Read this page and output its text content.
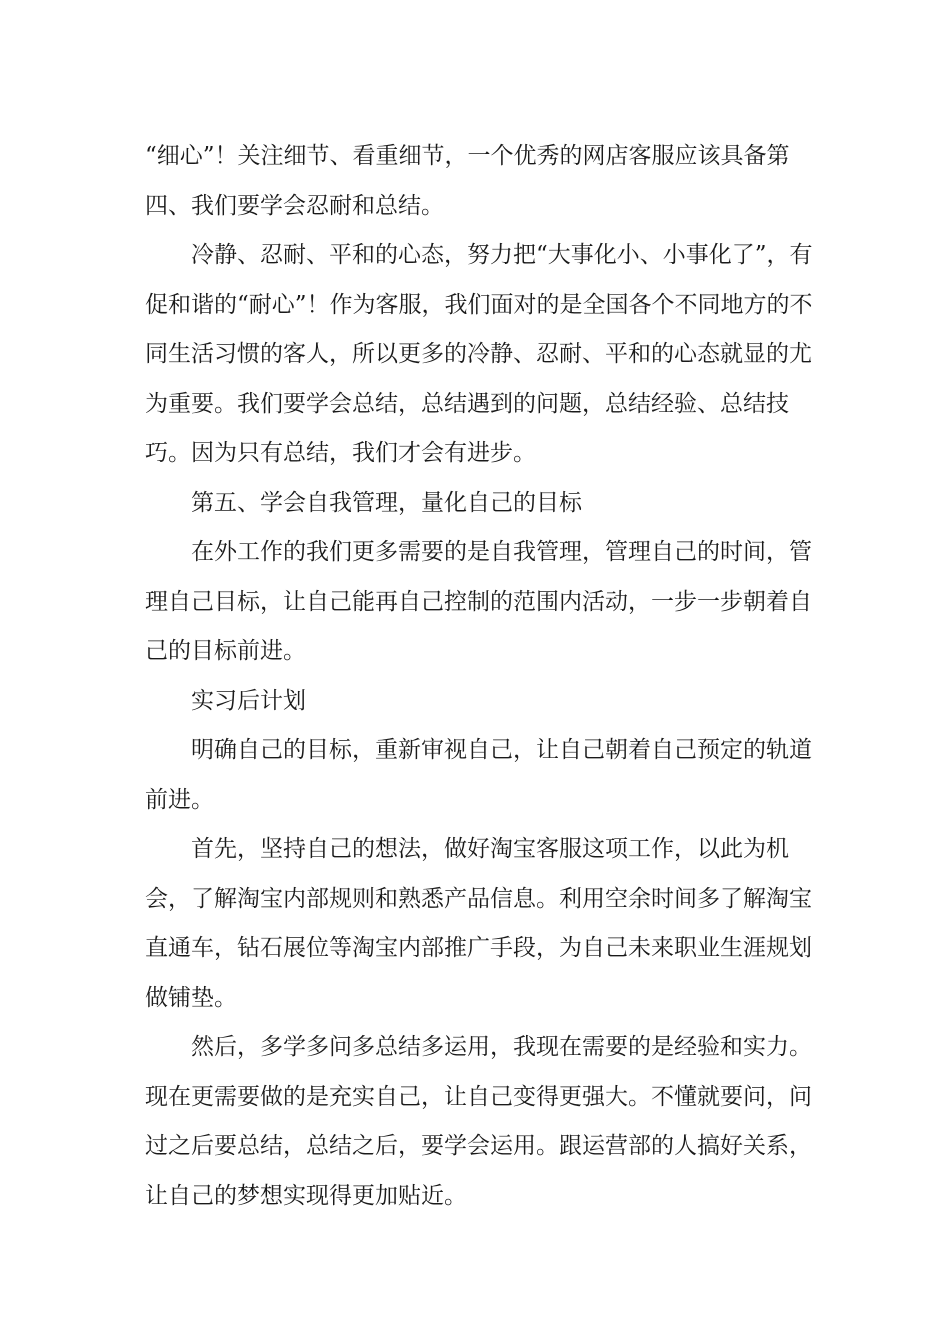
“细心”！关注细节、看重细节，一个优秀的网店客服应该具备第四、我们要学会忍耐和总结。

冷静、忍耐、平和的心态，努力把“大事化小、小事化了”，有促和谐的“耐心”！作为客服，我们面对的是全国各个不同地方的不同生活习惯的客人，所以更多的冷静、忍耐、平和的心态就显的尤为重要。我们要学会总结，总结遇到的问题，总结经验、总结技巧。因为只有总结，我们才会有进步。

第五、学会自我管理，量化自己的目标

在外工作的我们更多需要的是自我管理，管理自己的时间，管理自己目标，让自己能再自己控制的范围内活动，一步一步朝着自己的目标前进。

实习后计划

明确自己的目标，重新审视自己，让自己朝着自己预定的轨道前进。

首先，坚持自己的想法，做好淘宝客服这项工作，以此为机会，了解淘宝内部规则和熟悉产品信息。利用空余时间多了解淘宝直通车，钻石展位等淘宝内部推广手段，为自己未来职业生涯规划做铺垫。

然后，多学多问多总结多运用，我现在需要的是经验和实力。现在更需要做的是充实自己，让自己变得更强大。不懂就要问，问过之后要总结，总结之后，要学会运用。跟运营部的人搞好关系，让自己的梦想实现得更加贴近。
